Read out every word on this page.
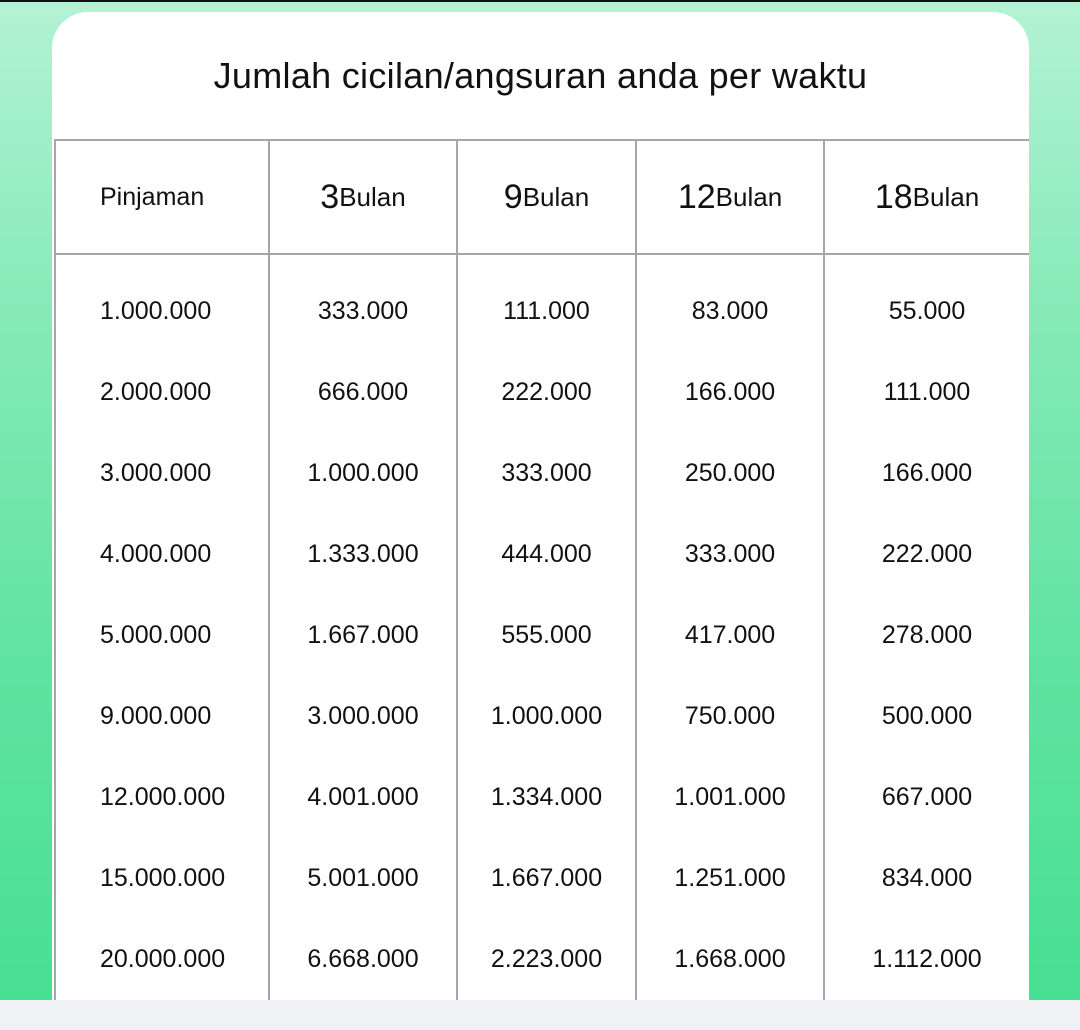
Jumlah cicilan/angsuran anda per waktu
Pinjaman	3 Bulan	9 Bulan	12 Bulan	18 Bulan
1.000.000	333.000	111.000	83.000	55.000
2.000.000	666.000	222.000	166.000	111.000
3.000.000	1.000.000	333.000	250.000	166.000
4.000.000	1.333.000	444.000	333.000	222.000
5.000.000	1.667.000	555.000	417.000	278.000
9.000.000	3.000.000	1.000.000	750.000	500.000
12.000.000	4.001.000	1.334.000	1.001.000	667.000
15.000.000	5.001.000	1.667.000	1.251.000	834.000
20.000.000	6.668.000	2.223.000	1.668.000	1.112.000
